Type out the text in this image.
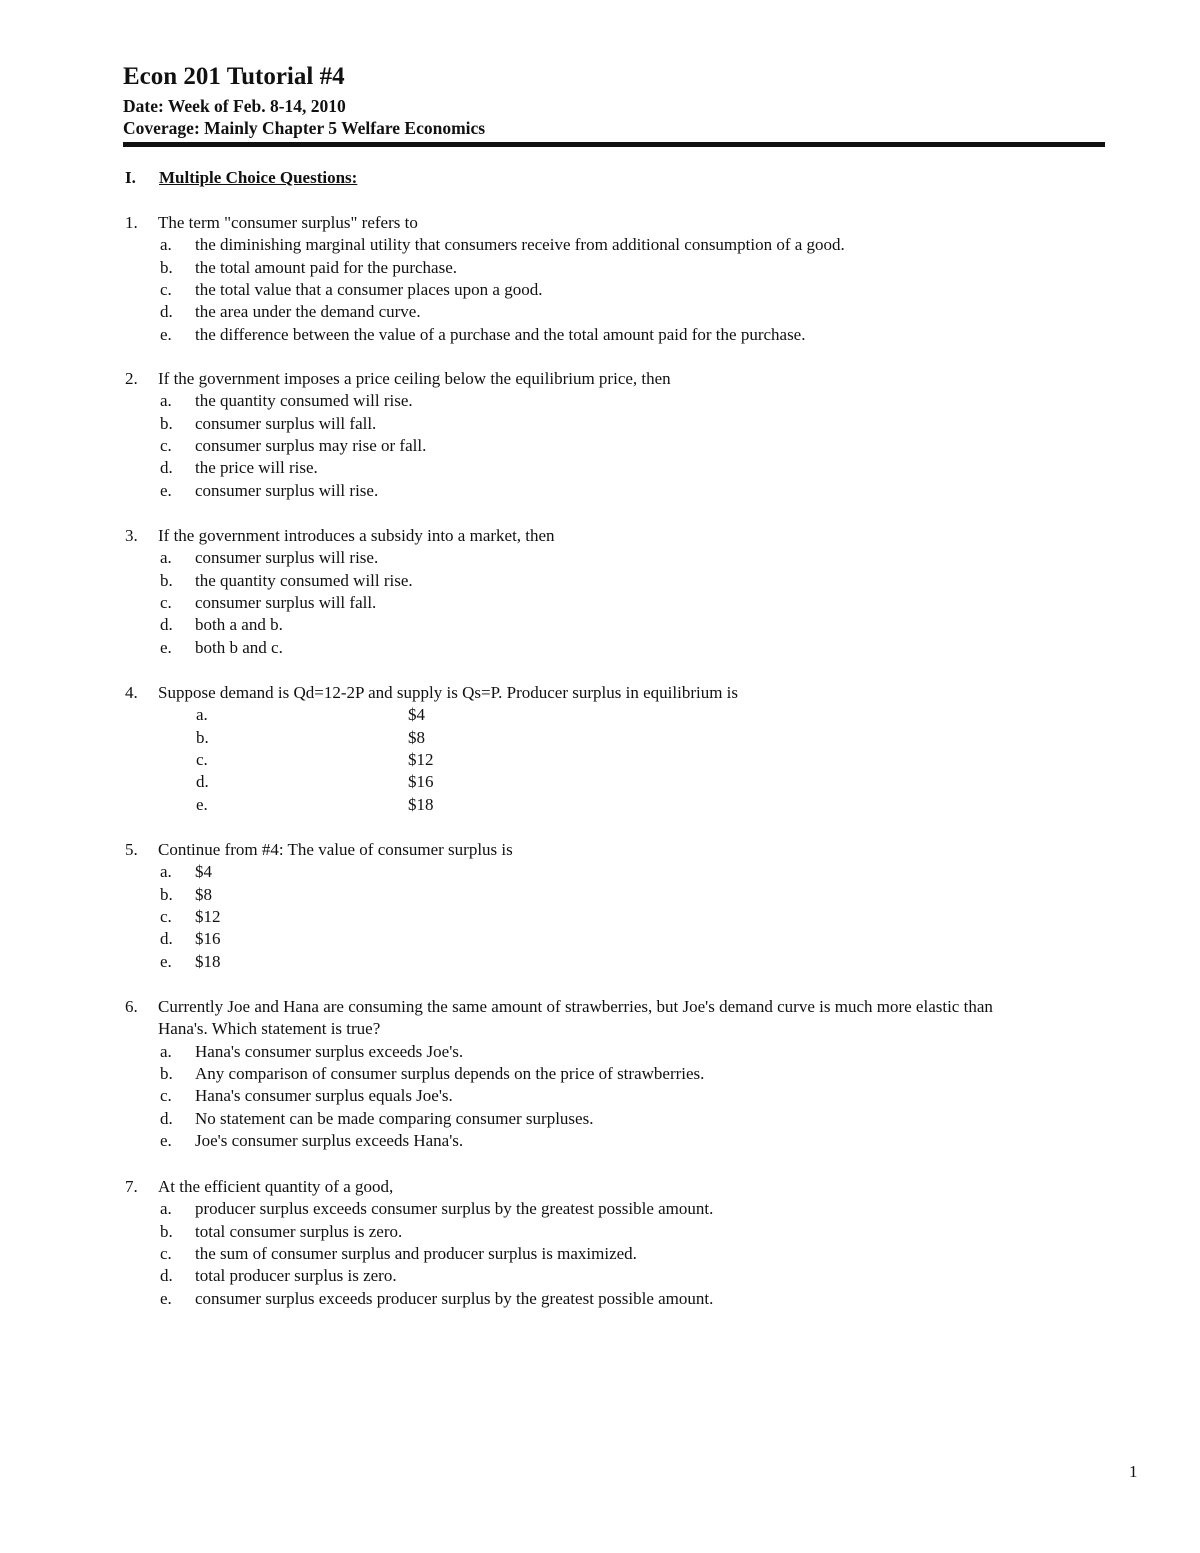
Econ 201 Tutorial #4
Date: Week of Feb. 8-14, 2010
Coverage: Mainly Chapter 5 Welfare Economics
I. Multiple Choice Questions:
1. The term "consumer surplus" refers to
a. the diminishing marginal utility that consumers receive from additional consumption of a good.
b. the total amount paid for the purchase.
c. the total value that a consumer places upon a good.
d. the area under the demand curve.
e. the difference between the value of a purchase and the total amount paid for the purchase.
2. If the government imposes a price ceiling below the equilibrium price, then
a. the quantity consumed will rise.
b. consumer surplus will fall.
c. consumer surplus may rise or fall.
d. the price will rise.
e. consumer surplus will rise.
3. If the government introduces a subsidy into a market, then
a. consumer surplus will rise.
b. the quantity consumed will rise.
c. consumer surplus will fall.
d. both a and b.
e. both b and c.
4. Suppose demand is Qd=12-2P and supply is Qs=P. Producer surplus in equilibrium is
a.	$4
b.	$8
c.	$12
d.	$16
e.	$18
5. Continue from #4: The value of consumer surplus is
a. $4
b. $8
c. $12
d. $16
e. $18
6. Currently Joe and Hana are consuming the same amount of strawberries, but Joe's demand curve is much more elastic than
Hana's. Which statement is true?
a. Hana's consumer surplus exceeds Joe's.
b. Any comparison of consumer surplus depends on the price of strawberries.
c. Hana's consumer surplus equals Joe's.
d. No statement can be made comparing consumer surpluses.
e. Joe's consumer surplus exceeds Hana's.
7. At the efficient quantity of a good,
a. producer surplus exceeds consumer surplus by the greatest possible amount.
b. total consumer surplus is zero.
c. the sum of consumer surplus and producer surplus is maximized.
d. total producer surplus is zero.
e. consumer surplus exceeds producer surplus by the greatest possible amount.
1
